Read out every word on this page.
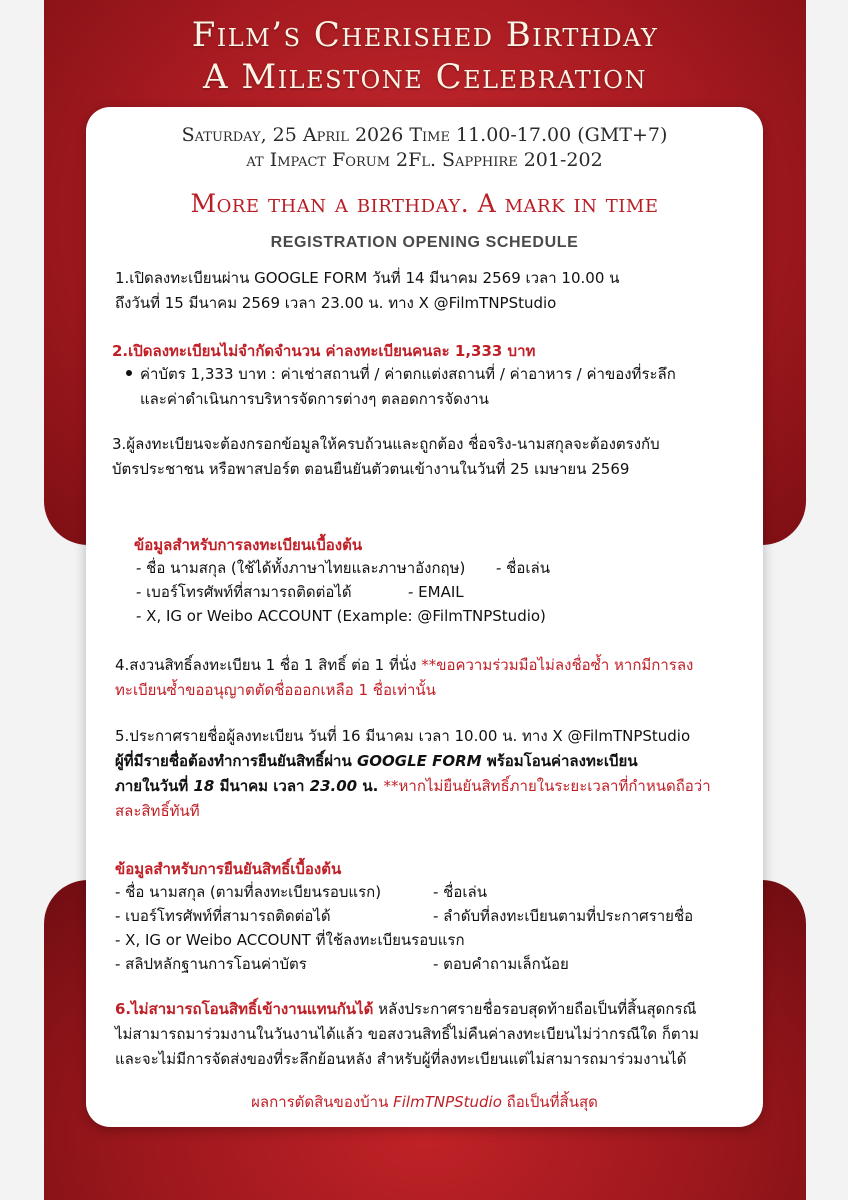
Film’s Cherished Birthday
A Milestone Celebration
Saturday, 25 April 2026 Time 11.00-17.00 (GMT+7)
at Impact Forum 2Fl. Sapphire 201-202
More than a birthday. A mark in time
REGISTRATION OPENING SCHEDULE
1.เปิดลงทะเบียนผ่าน GOOGLE FORM วันที่ 14 มีนาคม 2569 เวลา 10.00 น
ถึงวันที่ 15 มีนาคม 2569 เวลา 23.00 น. ทาง X @FilmTNPStudio
2.เปิดลงทะเบียนไม่จำกัดจำนวน ค่าลงทะเบียนคนละ 1,333 บาท
ค่าบัตร 1,333 บาท : ค่าเช่าสถานที่ / ค่าตกแต่งสถานที่ / ค่าอาหาร / ค่าของที่ระลึก
และค่าดำเนินการบริหารจัดการต่างๆ ตลอดการจัดงาน
3.ผู้ลงทะเบียนจะต้องกรอกข้อมูลให้ครบถ้วนและถูกต้อง ชื่อจริง-นามสกุลจะต้องตรงกับ
บัตรประชาชน หรือพาสปอร์ต ตอนยืนยันตัวตนเข้างานในวันที่ 25 เมษายน 2569
ข้อมูลสำหรับการลงทะเบียนเบื้องต้น
- ชื่อ นามสกุล (ใช้ได้ทั้งภาษาไทยและภาษาอังกฤษ) - ชื่อเล่น
- เบอร์โทรศัพท์ที่สามารถติดต่อได้	- EMAIL
- X, IG or Weibo ACCOUNT (Example: @FilmTNPStudio)
4.สงวนสิทธิ์ลงทะเบียน 1 ชื่อ 1 สิทธิ์ ต่อ 1 ที่นั่ง **ขอความร่วมมือไม่ลงชื่อซ้ำ หากมีการลง
ทะเบียนซ้ำขออนุญาตตัดชื่อออกเหลือ 1 ชื่อเท่านั้น
5.ประกาศรายชื่อผู้ลงทะเบียน วันที่ 16 มีนาคม เวลา 10.00 น. ทาง X @FilmTNPStudio
ผู้ที่มีรายชื่อต้องทำการยืนยันสิทธิ์ผ่าน GOOGLE FORM พร้อมโอนค่าลงทะเบียน
ภายในวันที่ 18 มีนาคม เวลา 23.00 น. **หากไม่ยืนยันสิทธิ์ภายในระยะเวลาที่กำหนดถือว่า
สละสิทธิ์ทันที
ข้อมูลสำหรับการยืนยันสิทธิ์เบื้องต้น
- ชื่อ นามสกุล (ตามที่ลงทะเบียนรอบแรก)	- ชื่อเล่น
- เบอร์โทรศัพท์ที่สามารถติดต่อได้	- ลำดับที่ลงทะเบียนตามที่ประกาศรายชื่อ
- X, IG or Weibo ACCOUNT ที่ใช้ลงทะเบียนรอบแรก
- สลิปหลักฐานการโอนค่าบัตร	- ตอบคำถามเล็กน้อย
6.ไม่สามารถโอนสิทธิ์เข้างานแทนกันได้ หลังประกาศรายชื่อรอบสุดท้ายถือเป็นที่สิ้นสุดกรณี
ไม่สามารถมาร่วมงานในวันงานได้แล้ว ขอสงวนสิทธิ์ไม่คืนค่าลงทะเบียนไม่ว่ากรณีใด ก็ตาม
และจะไม่มีการจัดส่งของที่ระลึกย้อนหลัง สำหรับผู้ที่ลงทะเบียนแต่ไม่สามารถมาร่วมงานได้
ผลการตัดสินของบ้าน FilmTNPStudio ถือเป็นที่สิ้นสุด
